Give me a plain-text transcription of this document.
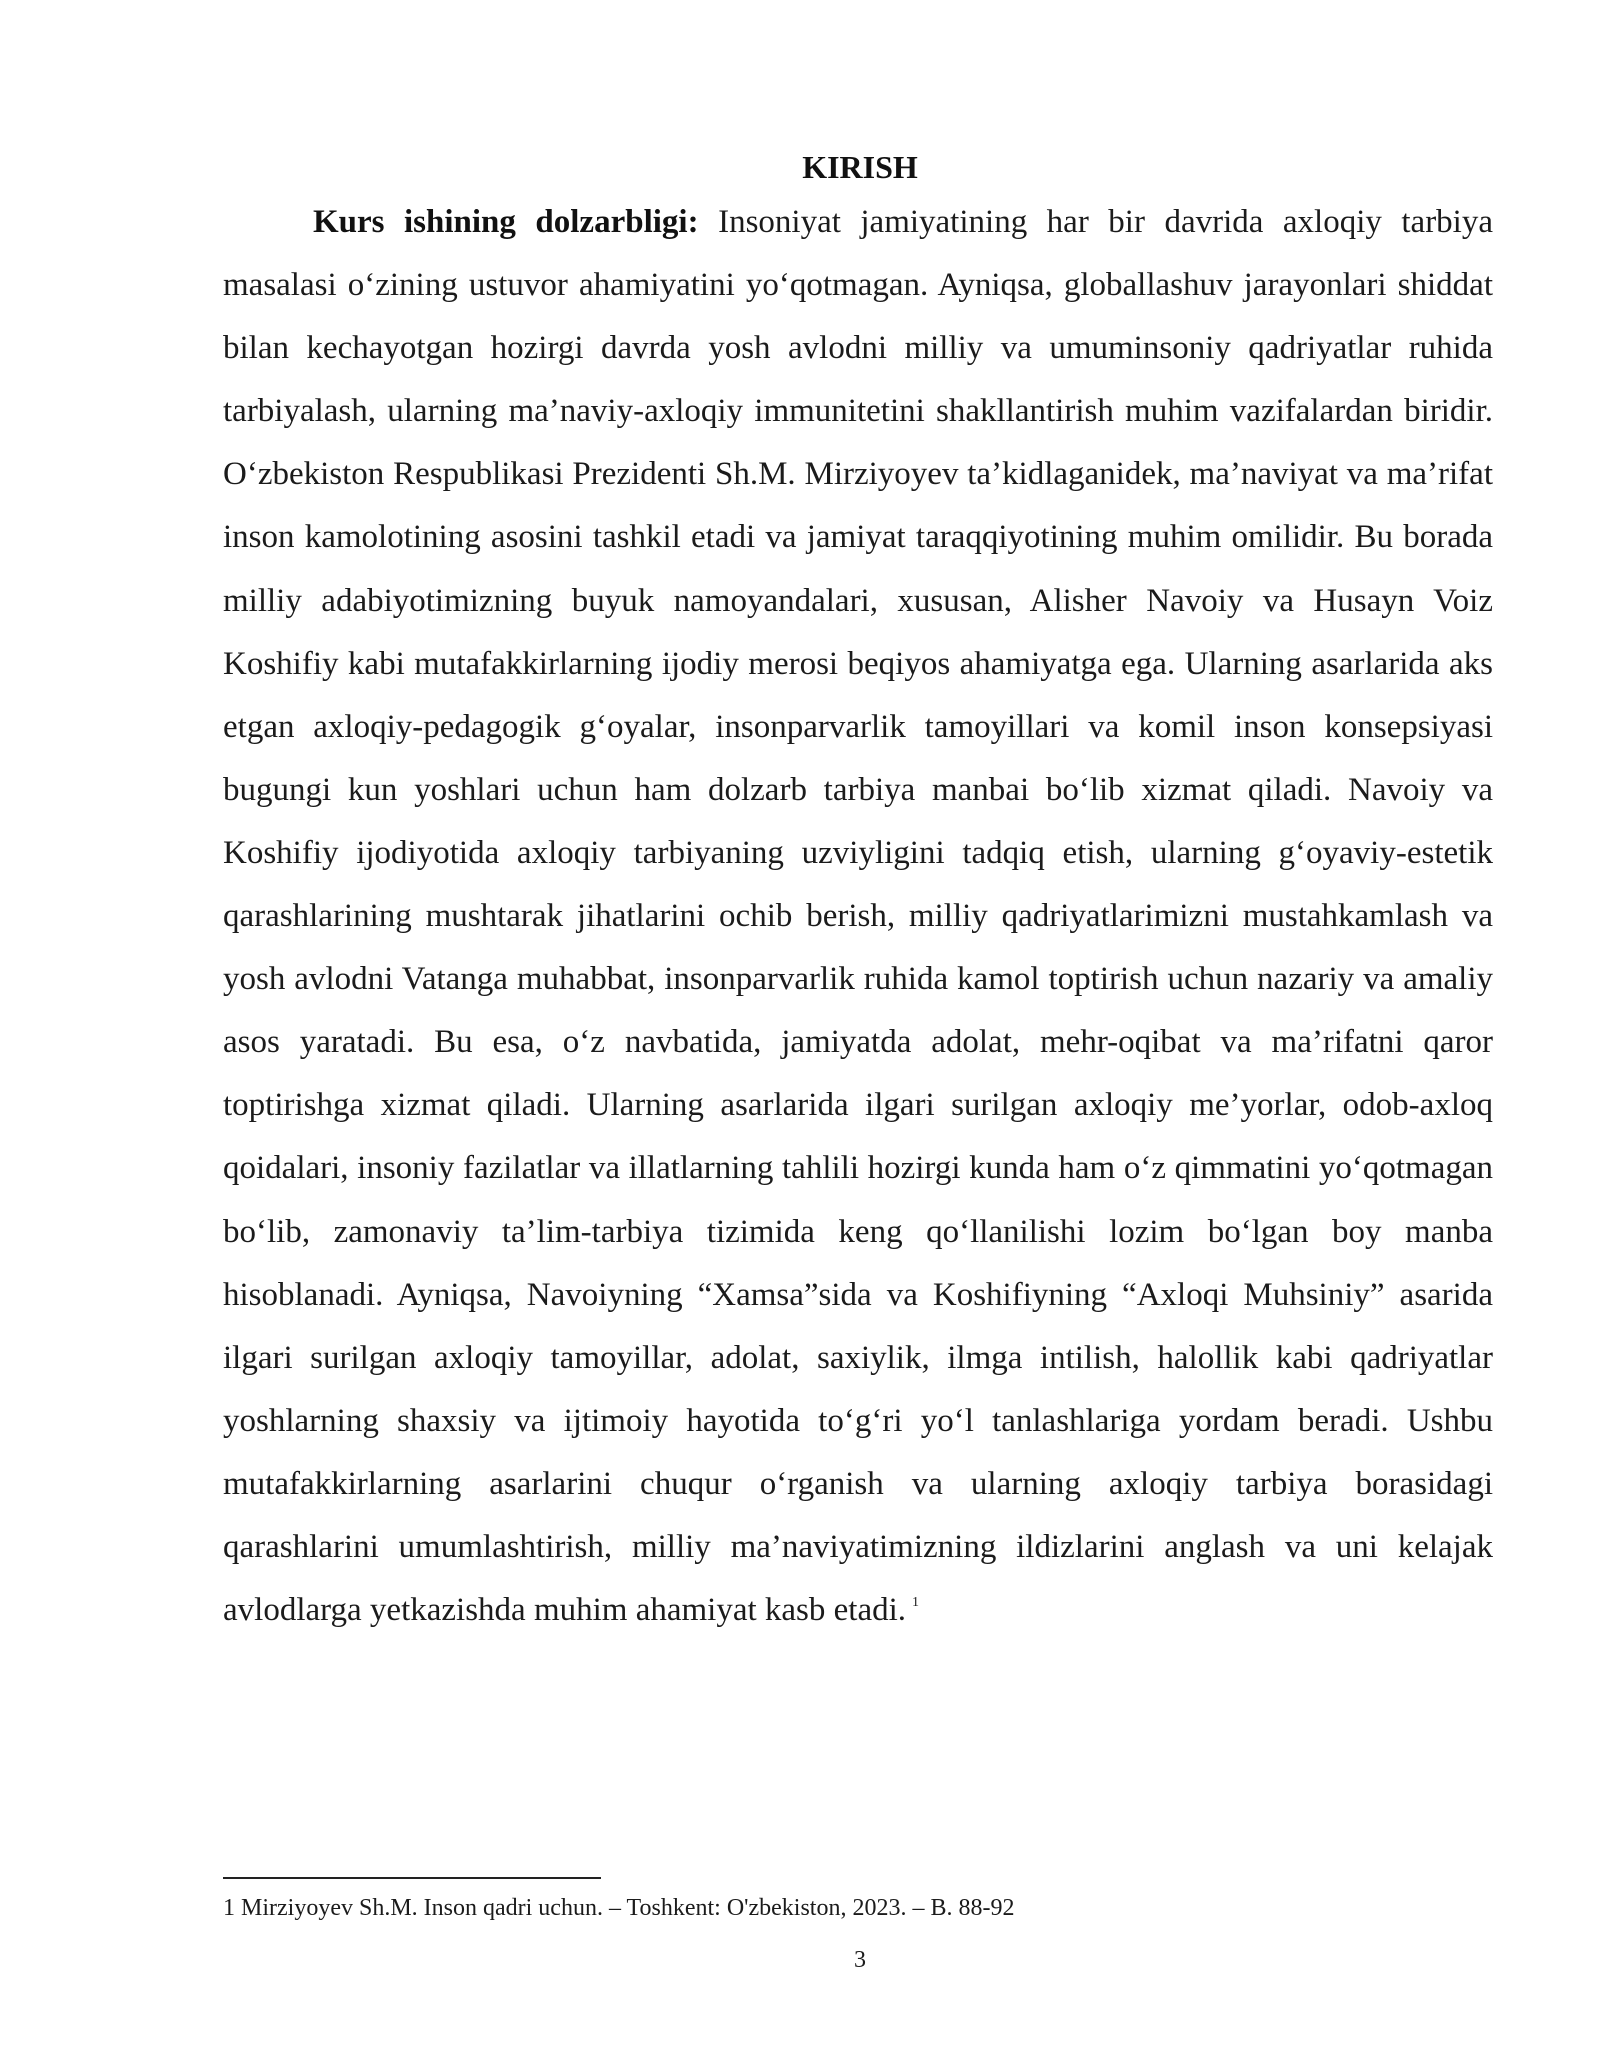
KIRISH

Kurs ishining dolzarbligi: Insoniyat jamiyatining har bir davrida axloqiy tarbiya masalasi o‘zining ustuvor ahamiyatini yo‘qotmagan. Ayniqsa, globallashuv jarayonlari shiddat bilan kechayotgan hozirgi davrda yosh avlodni milliy va umuminsoniy qadriyatlar ruhida tarbiyalash, ularning ma’naviy-axloqiy immunitetini shakllantirish muhim vazifalardan biridir. O‘zbekiston Respublikasi Prezidenti Sh.M. Mirziyoyev ta’kidlaganidek, ma’naviyat va ma’rifat inson kamolotining asosini tashkil etadi va jamiyat taraqqiyotining muhim omilidir. Bu borada milliy adabiyotimizning buyuk namoyandalari, xususan, Alisher Navoiy va Husayn Voiz Koshifiy kabi mutafakkirlarning ijodiy merosi beqiyos ahamiyatga ega. Ularning asarlarida aks etgan axloqiy-pedagogik g‘oyalar, insonparvarlik tamoyillari va komil inson konsepsiyasi bugungi kun yoshlari uchun ham dolzarb tarbiya manbai bo‘lib xizmat qiladi. Navoiy va Koshifiy ijodiyotida axloqiy tarbiyaning uzviyligini tadqiq etish, ularning g‘oyaviy-estetik qarashlarining mushtarak jihatlarini ochib berish, milliy qadriyatlarimizni mustahkamlash va yosh avlodni Vatanga muhabbat, insonparvarlik ruhida kamol toptirish uchun nazariy va amaliy asos yaratadi. Bu esa, o‘z navbatida, jamiyatda adolat, mehr-oqibat va ma’rifatni qaror toptirishga xizmat qiladi. Ularning asarlarida ilgari surilgan axloqiy me’yorlar, odob-axloq qoidalari, insoniy fazilatlar va illatlarning tahlili hozirgi kunda ham o‘z qimmatini yo‘qotmagan bo‘lib, zamonaviy ta’lim-tarbiya tizimida keng qo‘llanilishi lozim bo‘lgan boy manba hisoblanadi. Ayniqsa, Navoiyning “Xamsa”sida va Koshifiyning “Axloqi Muhsiniy” asarida ilgari surilgan axloqiy tamoyillar, adolat, saxiylik, ilmga intilish, halollik kabi qadriyatlar yoshlarning shaxsiy va ijtimoiy hayotida to‘g‘ri yo‘l tanlashlariga yordam beradi. Ushbu mutafakkirlarning asarlarini chuqur o‘rganish va ularning axloqiy tarbiya borasidagi qarashlarini umumlashtirish, milliy ma’naviyatimizning ildizlarini anglash va uni kelajak avlodlarga yetkazishda muhim ahamiyat kasb etadi. $^1$

1 Mirziyoyev Sh.M. Inson qadri uchun. – Toshkent: O'zbekiston, 2023. – B. 88-92
3
